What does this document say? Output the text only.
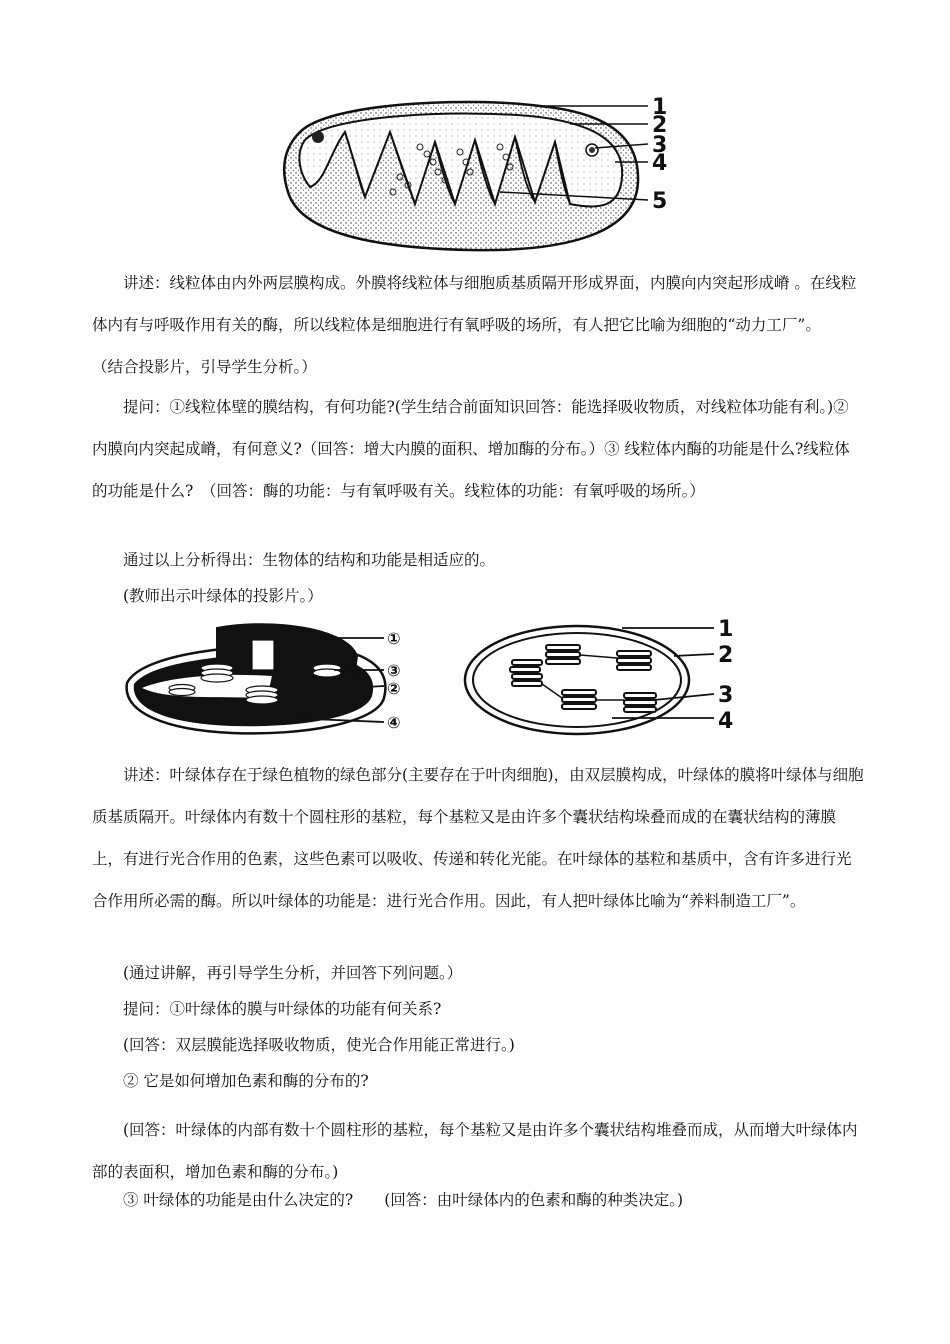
1
2
3
4
5

讲述：线粒体由内外两层膜构成。外膜将线粒体与细胞质基质隔开形成界面，内膜向内突起形成嵴 。在线粒体内有与呼吸作用有关的酶，所以线粒体是细胞进行有氧呼吸的场所，有人把它比喻为细胞的“动力工厂”。　　　　（结合投影片，引导学生分析。）

提问：①线粒体壁的膜结构，有何功能?(学生结合前面知识回答：能选择吸收物质，对线粒体功能有利。)② 内膜向内突起成嵴，有何意义?（回答：增大内膜的面积、增加酶的分布。）③ 线粒体内酶的功能是什么?线粒体的功能是什么?　（回答：酶的功能：与有氧呼吸有关。线粒体的功能：有氧呼吸的场所。）

通过以上分析得出：生物体的结构和功能是相适应的。

(教师出示叶绿体的投影片。）

①
③
②
④
1
2
3
4

讲述：叶绿体存在于绿色植物的绿色部分(主要存在于叶肉细胞)，由双层膜构成，叶绿体的膜将叶绿体与细胞质基质隔开。叶绿体内有数十个圆柱形的基粒，每个基粒又是由许多个囊状结构垛叠而成的在囊状结构的薄膜上，有进行光合作用的色素，这些色素可以吸收、传递和转化光能。在叶绿体的基粒和基质中，含有许多进行光合作用所必需的酶。所以叶绿体的功能是：进行光合作用。因此，有人把叶绿体比喻为“养料制造工厂”。

(通过讲解，再引导学生分析，并回答下列问题。）

提问：①叶绿体的膜与叶绿体的功能有何关系?

(回答：双层膜能选择吸收物质，使光合作用能正常进行。)

② 它是如何增加色素和酶的分布的?

(回答：叶绿体的内部有数十个圆柱形的基粒，每个基粒又是由许多个囊状结构堆叠而成，从而增大叶绿体内部的表面积，增加色素和酶的分布。)

③ 叶绿体的功能是由什么决定的?　　(回答：由叶绿体内的色素和酶的种类决定。)
